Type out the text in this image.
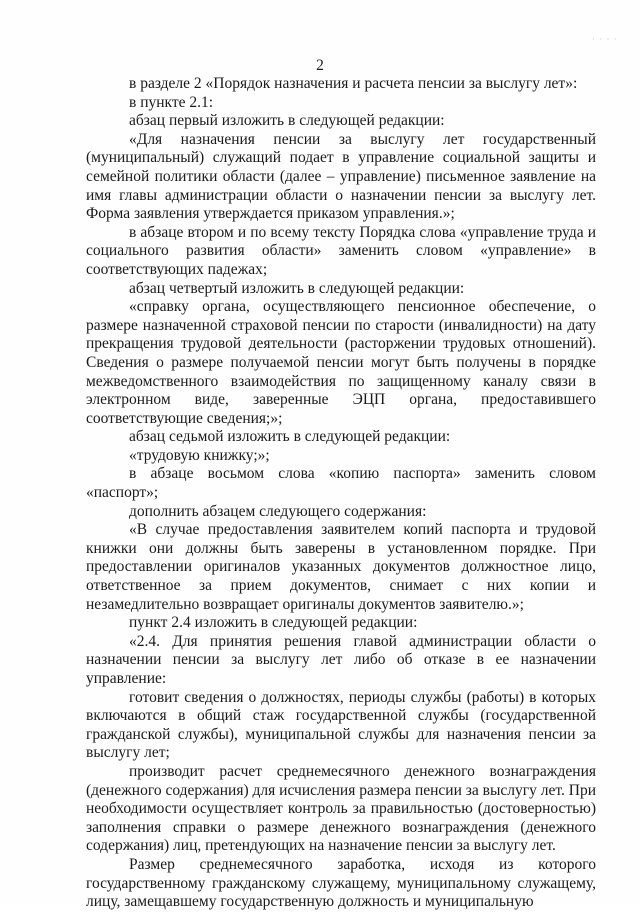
· · · ·
2

в разделе 2 «Порядок назначения и расчета пенсии за выслугу лет»:

в пункте 2.1:

абзац первый изложить в следующей редакции:

«Для назначения пенсии за выслугу лет государственный (муниципальный) служащий подает в управление социальной защиты и семейной политики области (далее – управление) письменное заявление на имя главы администрации области о назначении пенсии за выслугу лет. Форма заявления утверждается приказом управления.»;

в абзаце втором и по всему тексту Порядка слова «управление труда и социального развития области» заменить словом «управление» в соответствующих падежах;

абзац четвертый изложить в следующей редакции:

«справку органа, осуществляющего пенсионное обеспечение, о размере назначенной страховой пенсии по старости (инвалидности) на дату прекращения трудовой деятельности (расторжении трудовых отношений). Сведения о размере получаемой пенсии могут быть получены в порядке межведомственного взаимодействия по защищенному каналу связи в электронном виде, заверенные ЭЦП органа, предоставившего соответствующие сведения;»;

абзац седьмой изложить в следующей редакции:

«трудовую книжку;»;

в абзаце восьмом слова «копию паспорта» заменить словом «паспорт»;

дополнить абзацем следующего содержания:

«В случае предоставления заявителем копий паспорта и трудовой книжки они должны быть заверены в установленном порядке. При предоставлении оригиналов указанных документов должностное лицо, ответственное за прием документов, снимает с них копии и незамедлительно возвращает оригиналы документов заявителю.»;

пункт 2.4 изложить в следующей редакции:

«2.4. Для принятия решения главой администрации области о назначении пенсии за выслугу лет либо об отказе в ее назначении управление:

готовит сведения о должностях, периоды службы (работы) в которых включаются в общий стаж государственной службы (государственной гражданской службы), муниципальной службы для назначения пенсии за выслугу лет;

производит расчет среднемесячного денежного вознаграждения (денежного содержания) для исчисления размера пенсии за выслугу лет. При необходимости осуществляет контроль за правильностью (достоверностью) заполнения справки о размере денежного вознаграждения (денежного содержания) лиц, претендующих на назначение пенсии за выслугу лет.

Размер среднемесячного заработка, исходя из которого государственному гражданскому служащему, муниципальному служащему, лицу, замещавшему государственную должность и муниципальную
